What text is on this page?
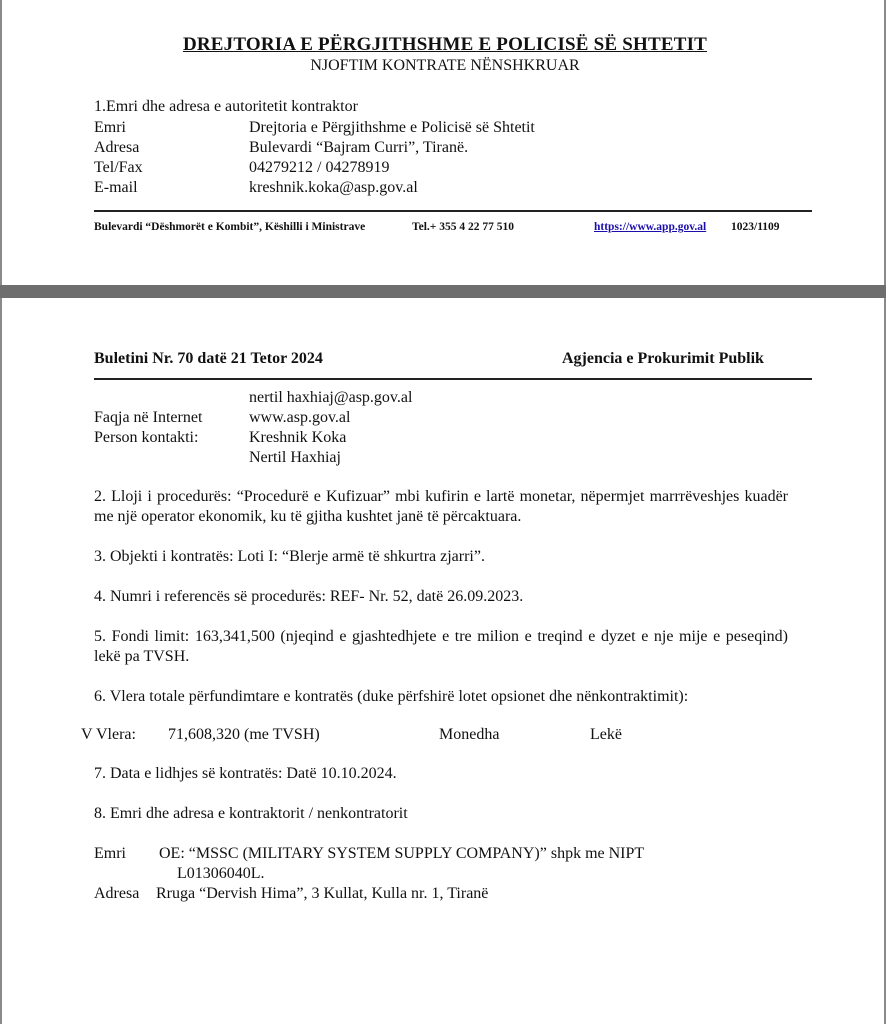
DREJTORIA E PËRGJITHSHME E POLICISË SË SHTETIT
NJOFTIM KONTRATE NËNSHKRUAR
1.Emri dhe adresa e autoritetit kontraktor
Emri	Drejtoria e Përgjithshme e Policisë së Shtetit
Adresa	Bulevardi “Bajram Curri”, Tiranë.
Tel/Fax	04279212 / 04278919
E-mail	kreshnik.koka@asp.gov.al
Bulevardi “Dëshmorët e Kombit”, Këshilli i Ministrave	Tel.+ 355 4 22 77 510	https://www.app.gov.al 1023/1109
Buletini Nr. 70 datë 21 Tetor 2024	Agjencia e Prokurimit Publik
nertil haxhiaj@asp.gov.al
Faqja në Internet	www.asp.gov.al
Person kontakti:	Kreshnik Koka
Nertil Haxhiaj
2. Lloji i procedurës: “Procedurë e Kufizuar” mbi kufirin e lartë monetar, nëpermjet marrrëveshjes kuadër me një operator ekonomik, ku të gjitha kushtet janë të përcaktuara.
3. Objekti i kontratës: Loti I: “Blerje armë të shkurtra zjarri”.
4. Numri i referencës së procedurës: REF- Nr. 52, datë 26.09.2023.
5. Fondi limit: 163,341,500 (njeqind e gjashtedhjete e tre milion e treqind e dyzet e nje mije e peseqind) lekë pa TVSH.
6. Vlera totale përfundimtare e kontratës (duke përfshirë lotet opsionet dhe nënkontraktimit):
V Vlera: 71,608,320 (me TVSH)	Monedha	Lekë
7. Data e lidhjes së kontratës: Datë 10.10.2024.
8. Emri dhe adresa e kontraktorit / nenkontratorit
Emri OE: “MSSC (MILITARY SYSTEM SUPPLY COMPANY)” shpk me NIPT
L01306040L.
Adresa Rruga “Dervish Hima”, 3 Kullat, Kulla nr. 1, Tiranë
